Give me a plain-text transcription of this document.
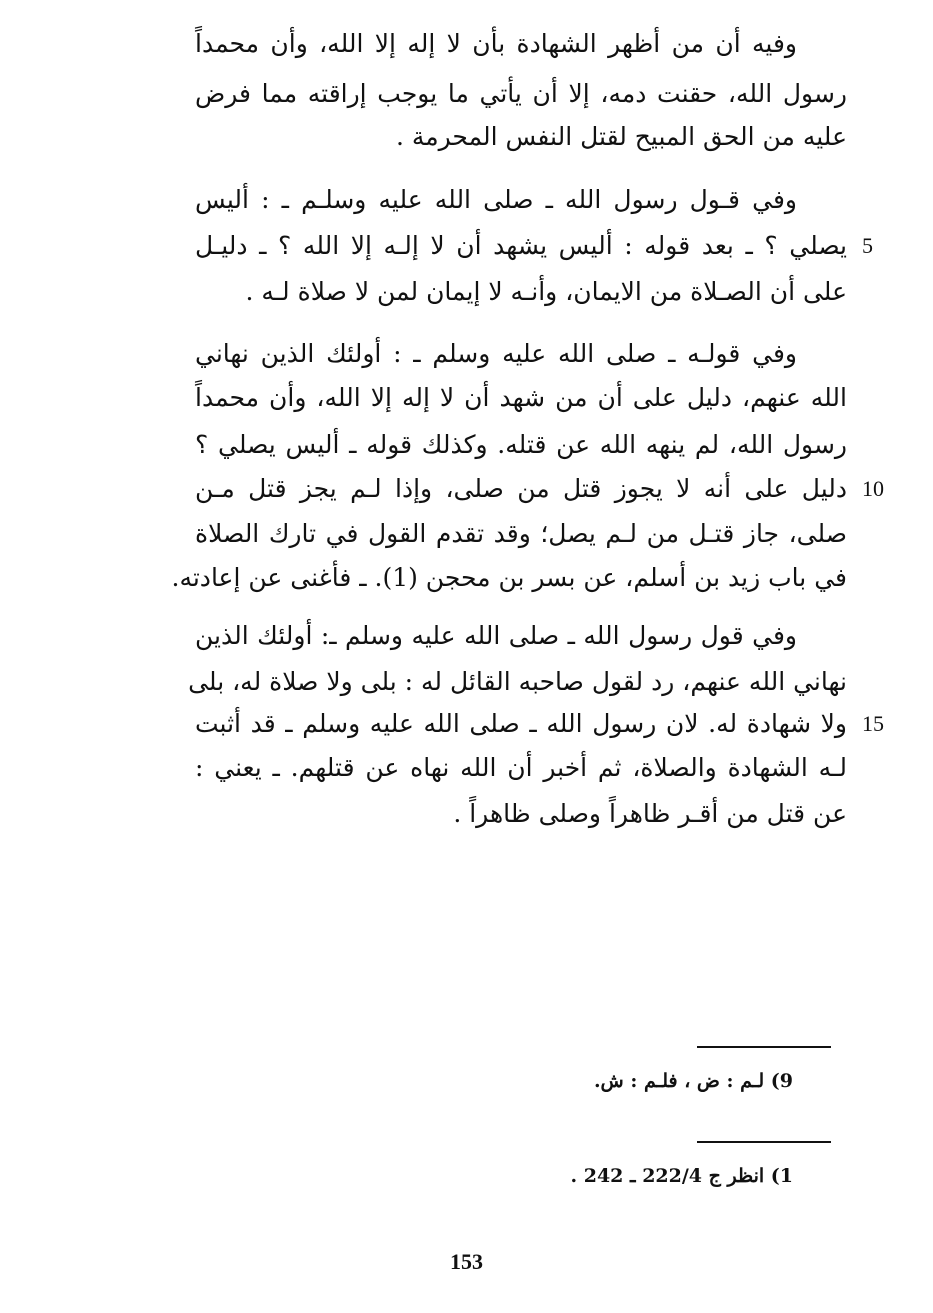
وفيه أن من أظهر الشهادة بأن لا إله إلا الله، وأن محمداً
رسول الله، حقنت دمه، إلا أن يأتي ما يوجب إراقته مما فرض
عليه من الحق المبيح لقتل النفس المحرمة .
وفي قـول رسول الله ـ صلى الله عليه وسلـم ـ : أليس
يصلي ؟ ـ بعد قوله : أليس يشهد أن لا إلـه إلا الله ؟ ـ دليـل
على أن الصـلاة من الايمان، وأنـه لا إيمان لمن لا صلاة لـه .
5
وفي قولـه ـ صلى الله عليه وسلم ـ : أولئك الذين نهاني
الله عنهم، دليل على أن من شهد أن لا إله إلا الله، وأن محمداً
رسول الله، لم ينهه الله عن قتله. وكذلك قوله ـ أليس يصلي ؟
دليل على أنه لا يجوز قتل من صلى، وإذا لـم يجز قتل مـن
صلى، جاز قتـل من لـم يصل؛ وقد تقدم القول في تارك الصلاة
في باب زيد بن أسلم، عن بسر بن محجن (1). ـ فأغنى عن إعادته.
10
وفي قول رسول الله ـ صلى الله عليه وسلم ـ: أولئك الذين
نهاني الله عنهم، رد لقول صاحبه القائل له : بلى ولا صلاة له، بلى
ولا شهادة له. لان رسول الله ـ صلى الله عليه وسلم ـ قد أثبت
لـه الشهادة والصلاة، ثم أخبر أن الله نهاه عن قتلهم. ـ يعني :
عن قتل من أقـر ظاهراً وصلى ظاهراً .
15
9) لـم : ض ، فلـم : ش.
1) انظر ج 222/4 ـ 242 .
153
